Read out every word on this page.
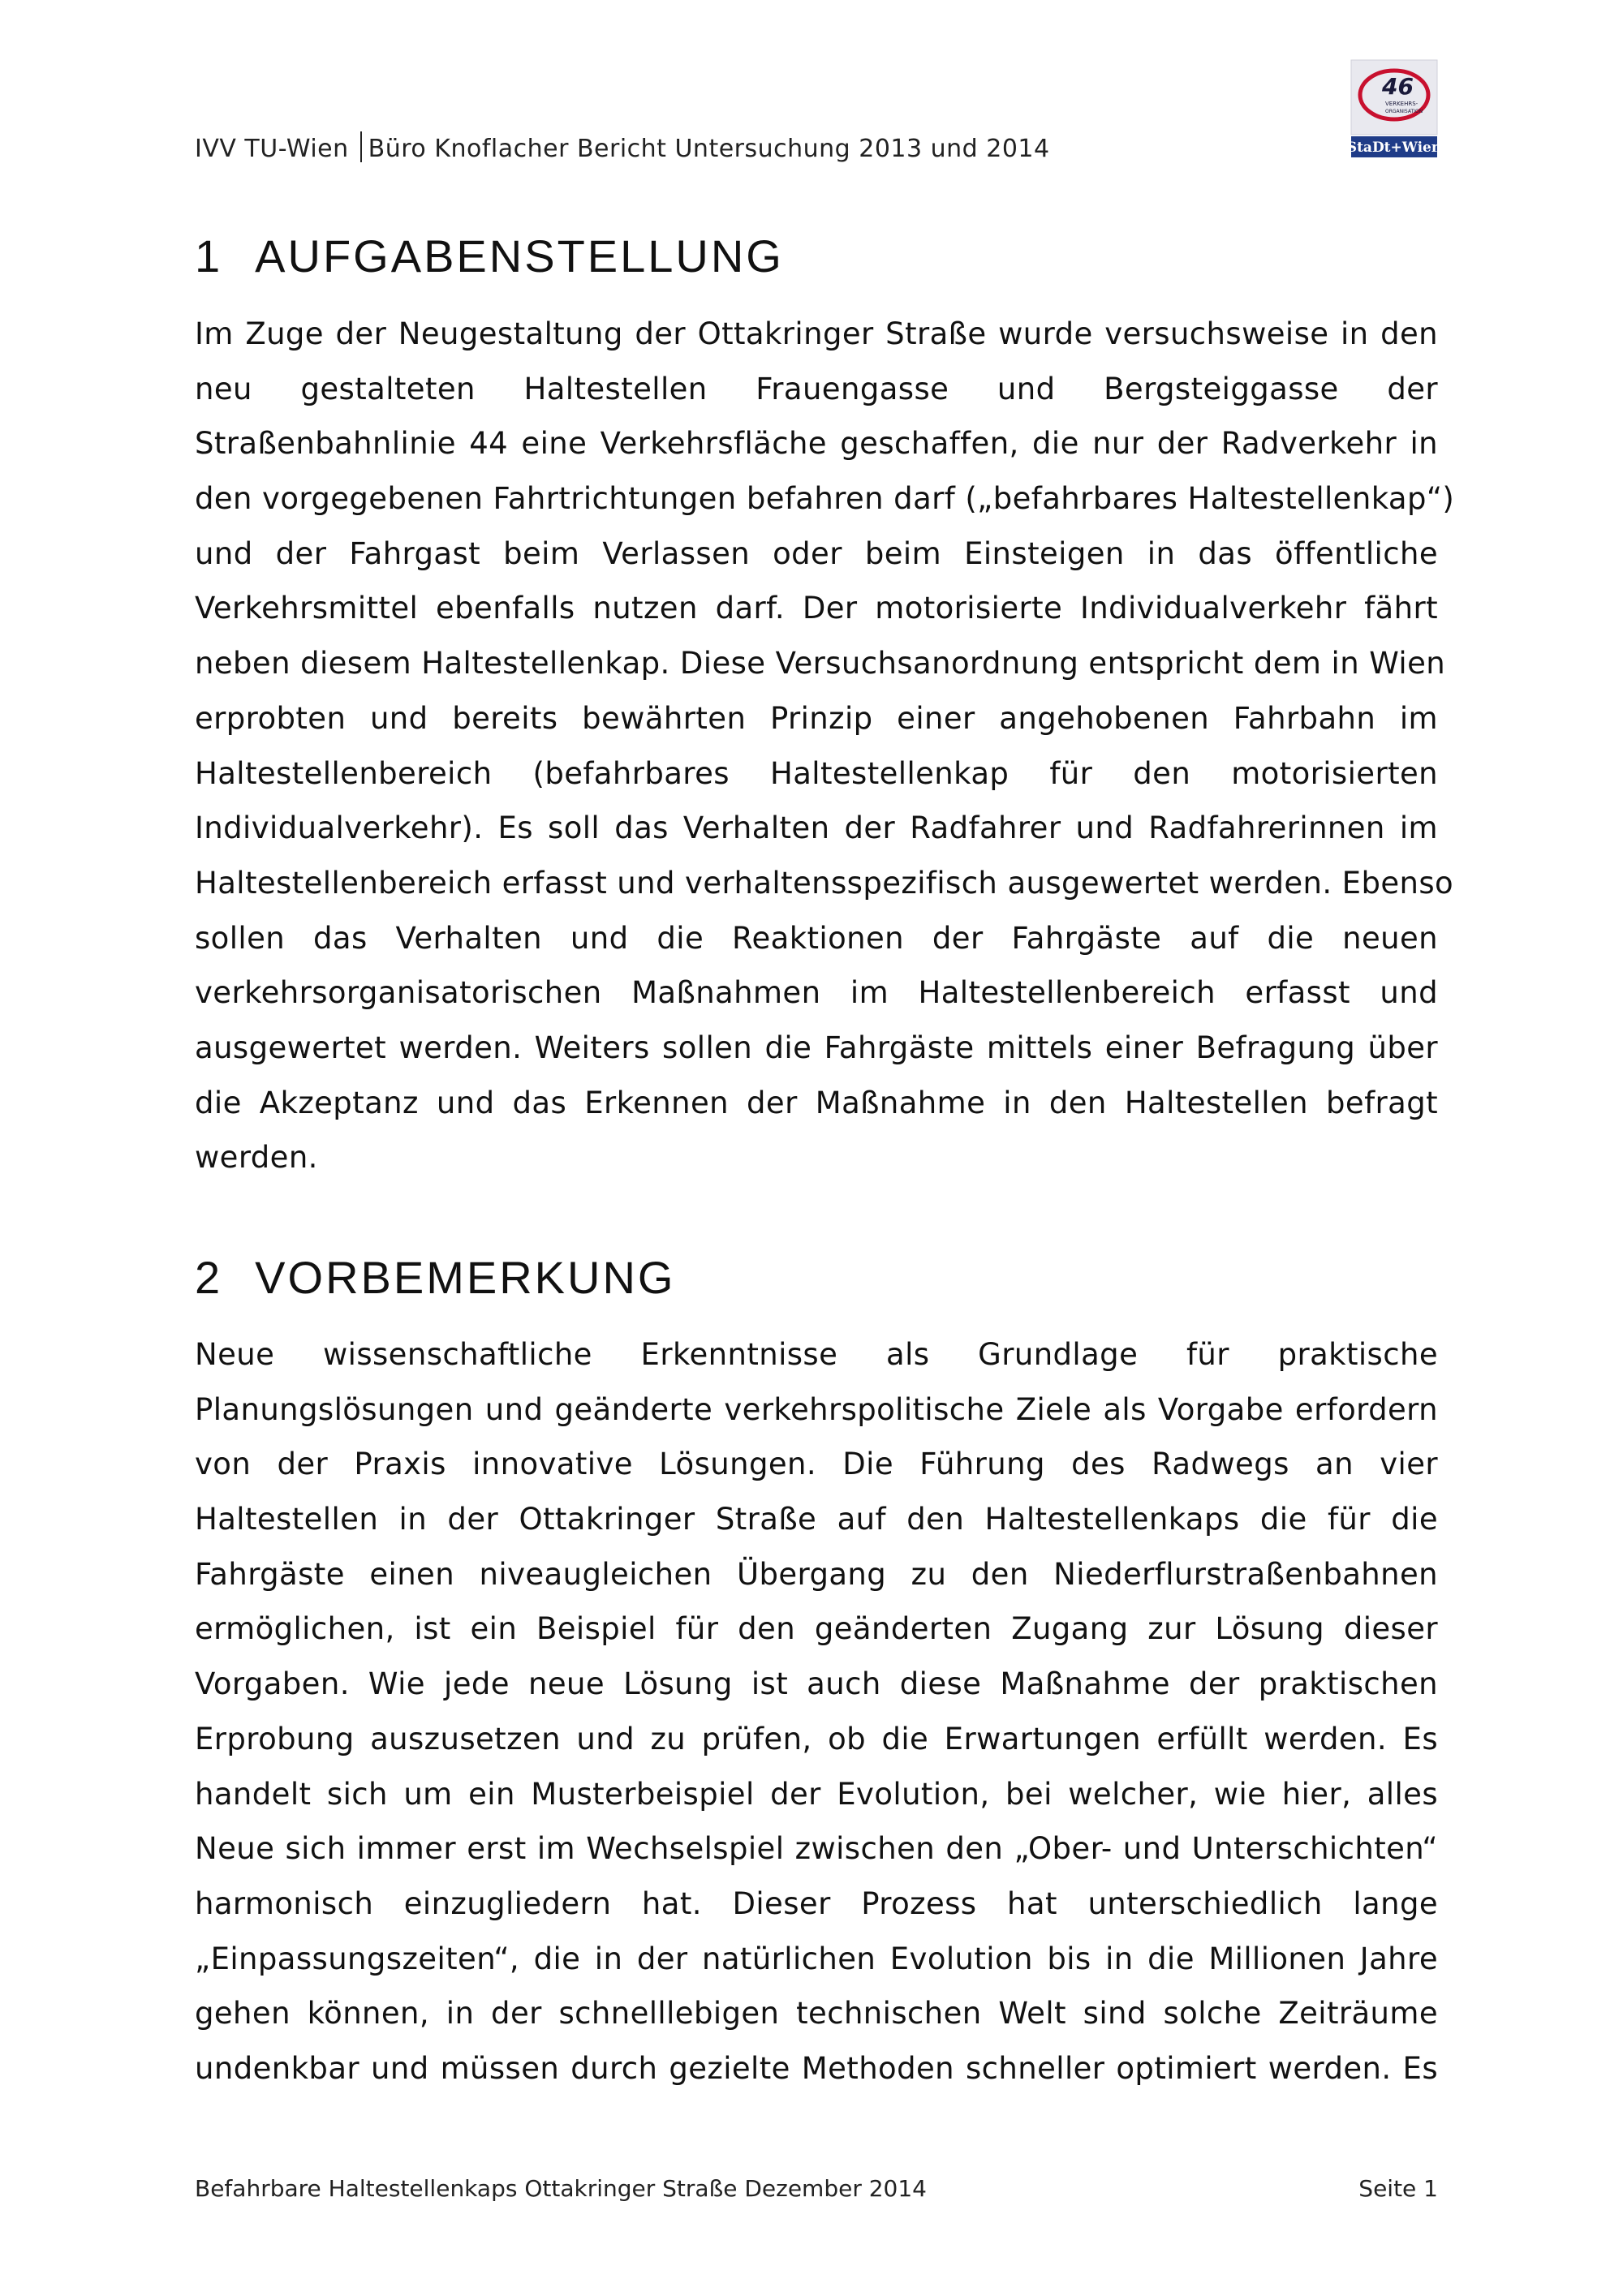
IVV TU-Wien Büro Knoflacher Bericht Untersuchung 2013 und 2014
46
VERKEHRS-
ORGANISATION
StaDt+Wien
1 AUFGABENSTELLUNG
Im Zuge der Neugestaltung der Ottakringer Straße wurde versuchsweise in den
neu gestalteten Haltestellen Frauengasse und Bergsteiggasse der
Straßenbahnlinie 44 eine Verkehrsfläche geschaffen, die nur der Radverkehr in
den vorgegebenen Fahrtrichtungen befahren darf („befahrbares Haltestellenkap“)
und der Fahrgast beim Verlassen oder beim Einsteigen in das öffentliche
Verkehrsmittel ebenfalls nutzen darf. Der motorisierte Individualverkehr fährt
neben diesem Haltestellenkap. Diese Versuchsanordnung entspricht dem in Wien
erprobten und bereits bewährten Prinzip einer angehobenen Fahrbahn im
Haltestellenbereich (befahrbares Haltestellenkap für den motorisierten
Individualverkehr). Es soll das Verhalten der Radfahrer und Radfahrerinnen im
Haltestellenbereich erfasst und verhaltensspezifisch ausgewertet werden. Ebenso
sollen das Verhalten und die Reaktionen der Fahrgäste auf die neuen
verkehrsorganisatorischen Maßnahmen im Haltestellenbereich erfasst und
ausgewertet werden. Weiters sollen die Fahrgäste mittels einer Befragung über
die Akzeptanz und das Erkennen der Maßnahme in den Haltestellen befragt
werden.
2 VORBEMERKUNG
Neue wissenschaftliche Erkenntnisse als Grundlage für praktische
Planungslösungen und geänderte verkehrspolitische Ziele als Vorgabe erfordern
von der Praxis innovative Lösungen. Die Führung des Radwegs an vier
Haltestellen in der Ottakringer Straße auf den Haltestellenkaps die für die
Fahrgäste einen niveaugleichen Übergang zu den Niederflurstraßenbahnen
ermöglichen, ist ein Beispiel für den geänderten Zugang zur Lösung dieser
Vorgaben. Wie jede neue Lösung ist auch diese Maßnahme der praktischen
Erprobung auszusetzen und zu prüfen, ob die Erwartungen erfüllt werden. Es
handelt sich um ein Musterbeispiel der Evolution, bei welcher, wie hier, alles
Neue sich immer erst im Wechselspiel zwischen den „Ober- und Unterschichten“
harmonisch einzugliedern hat. Dieser Prozess hat unterschiedlich lange
„Einpassungszeiten“, die in der natürlichen Evolution bis in die Millionen Jahre
gehen können, in der schnelllebigen technischen Welt sind solche Zeiträume
undenkbar und müssen durch gezielte Methoden schneller optimiert werden. Es
Befahrbare Haltestellenkaps Ottakringer Straße Dezember 2014	Seite 1
